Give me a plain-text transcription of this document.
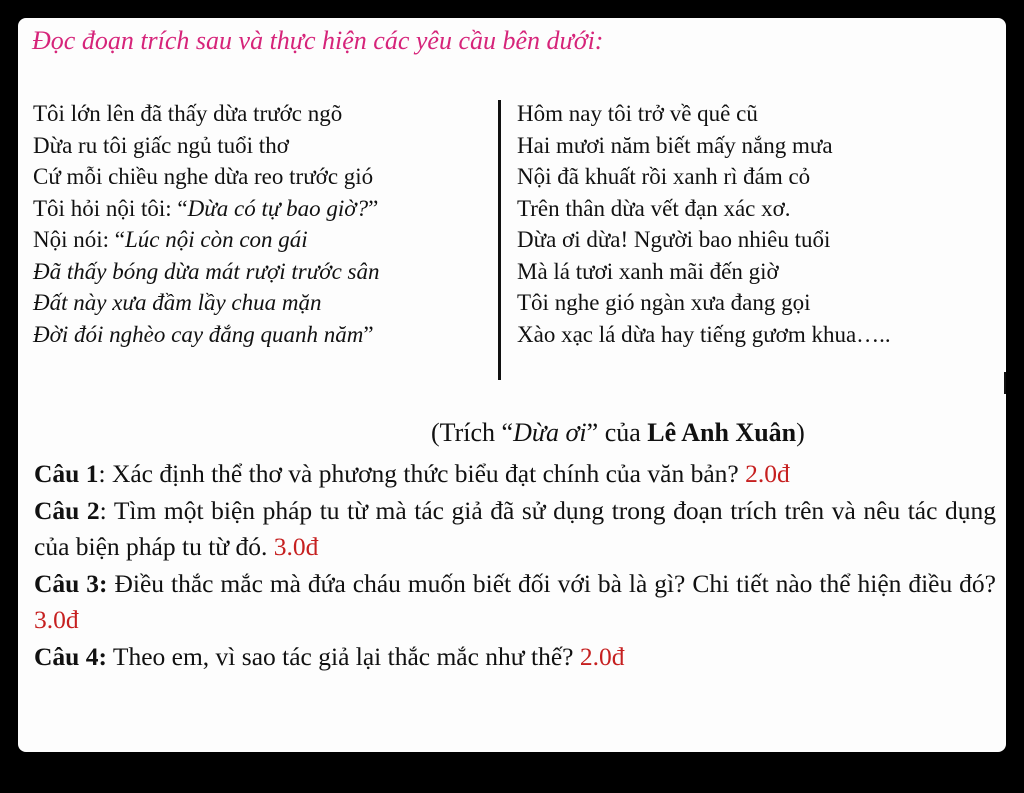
Đọc đoạn trích sau và thực hiện các yêu cầu bên dưới:
Tôi lớn lên đã thấy dừa trước ngõ
Dừa ru tôi giấc ngủ tuổi thơ
Cứ mỗi chiều nghe dừa reo trước gió
Tôi hỏi nội tôi: “Dừa có tự bao giờ?”
Nội nói: “Lúc nội còn con gái
Đã thấy bóng dừa mát rượi trước sân
Đất này xưa đầm lầy chua mặn
Đời đói nghèo cay đắng quanh năm”
Hôm nay tôi trở về quê cũ
Hai mươi năm biết mấy nắng mưa
Nội đã khuất rồi xanh rì đám cỏ
Trên thân dừa vết đạn xác xơ.
Dừa ơi dừa! Người bao nhiêu tuổi
Mà lá tươi xanh mãi đến giờ
Tôi nghe gió ngàn xưa đang gọi
Xào xạc lá dừa hay tiếng gươm khua…..
(Trích “Dừa ơi” của Lê Anh Xuân)

Câu 1: Xác định thể thơ và phương thức biểu đạt chính của văn bản? 2.0đ

Câu 2: Tìm một biện pháp tu từ mà tác giả đã sử dụng trong đoạn trích trên và nêu tác dụng của biện pháp tu từ đó. 3.0đ

Câu 3: Điều thắc mắc mà đứa cháu muốn biết đối với bà là gì? Chi tiết nào thể hiện điều đó? 3.0đ

Câu 4: Theo em, vì sao tác giả lại thắc mắc như thế? 2.0đ
